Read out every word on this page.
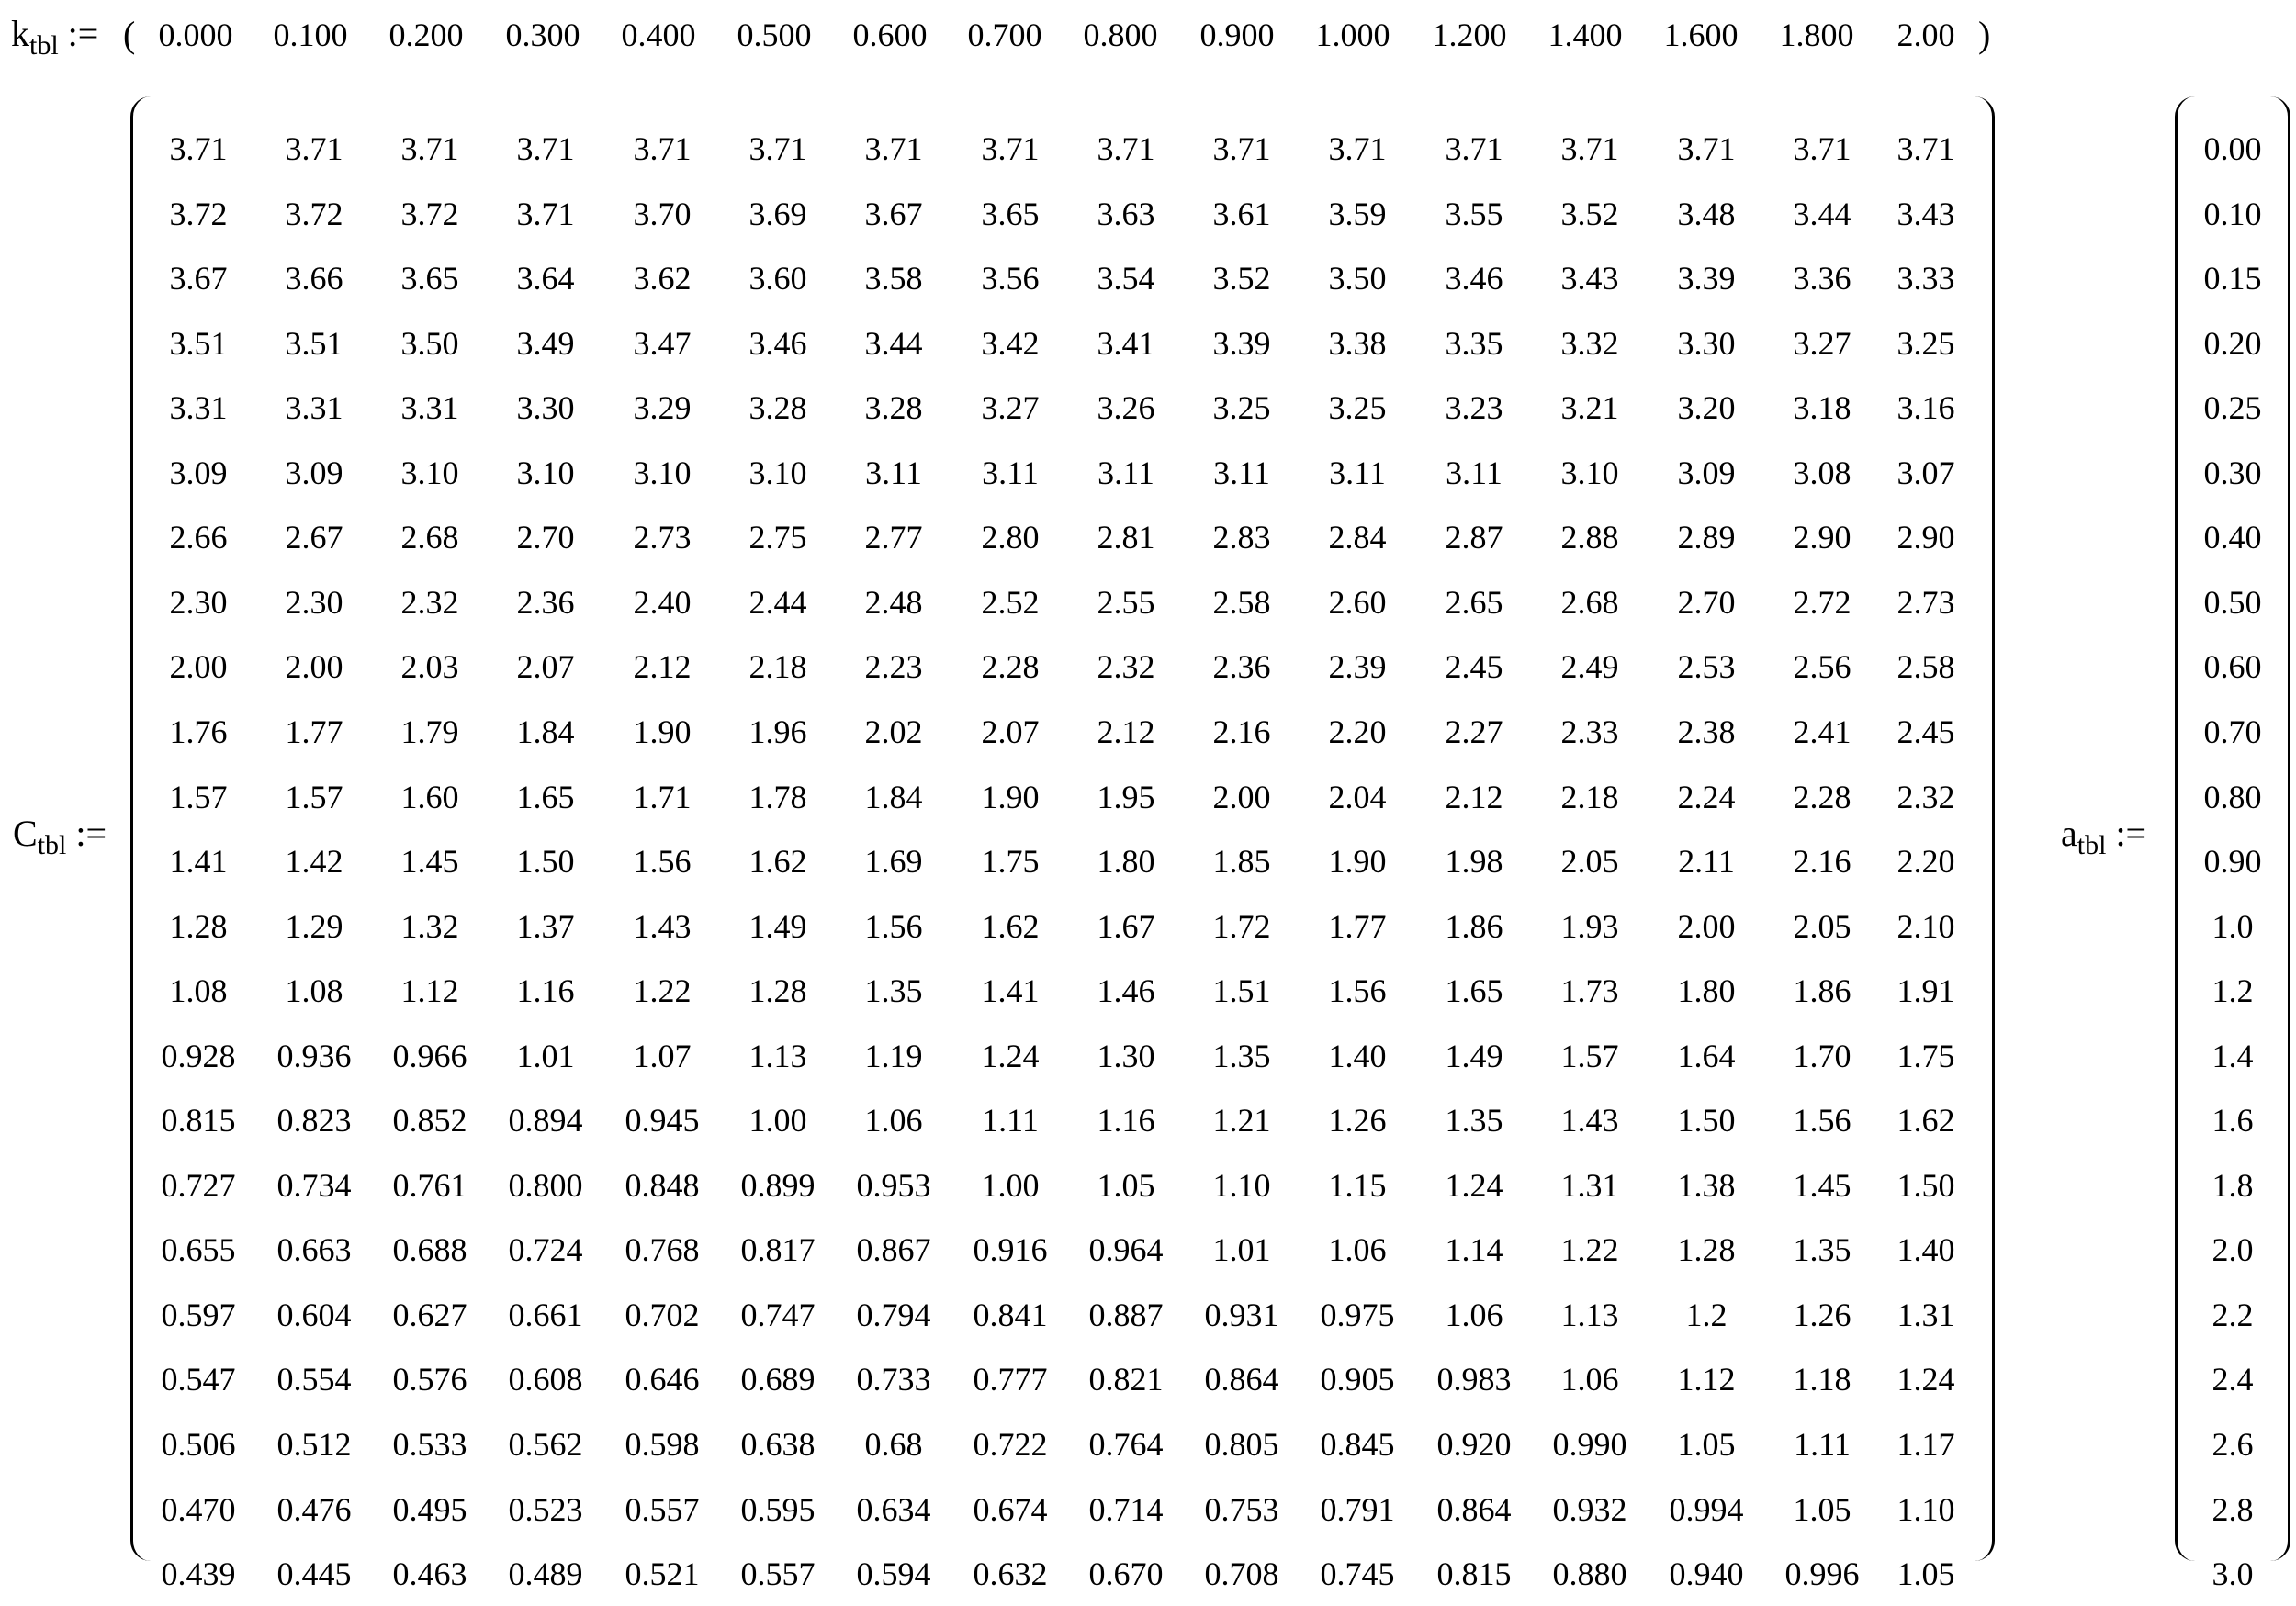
$k_{tbl}$ := ( 0.000	0.100	0.200	0.300	0.400	0.500	0.600	0.700	0.800	0.900	1.000	1.200	1.400	1.600	1.800	2.00 )
$C_{tbl}$ :=
3.71	3.71	3.71	3.71	3.71	3.71	3.71	3.71	3.71	3.71	3.71	3.71	3.71	3.71	3.71	3.71
3.72	3.72	3.72	3.71	3.70	3.69	3.67	3.65	3.63	3.61	3.59	3.55	3.52	3.48	3.44	3.43
3.67	3.66	3.65	3.64	3.62	3.60	3.58	3.56	3.54	3.52	3.50	3.46	3.43	3.39	3.36	3.33
3.51	3.51	3.50	3.49	3.47	3.46	3.44	3.42	3.41	3.39	3.38	3.35	3.32	3.30	3.27	3.25
3.31	3.31	3.31	3.30	3.29	3.28	3.28	3.27	3.26	3.25	3.25	3.23	3.21	3.20	3.18	3.16
3.09	3.09	3.10	3.10	3.10	3.10	3.11	3.11	3.11	3.11	3.11	3.11	3.10	3.09	3.08	3.07
2.66	2.67	2.68	2.70	2.73	2.75	2.77	2.80	2.81	2.83	2.84	2.87	2.88	2.89	2.90	2.90
2.30	2.30	2.32	2.36	2.40	2.44	2.48	2.52	2.55	2.58	2.60	2.65	2.68	2.70	2.72	2.73
2.00	2.00	2.03	2.07	2.12	2.18	2.23	2.28	2.32	2.36	2.39	2.45	2.49	2.53	2.56	2.58
1.76	1.77	1.79	1.84	1.90	1.96	2.02	2.07	2.12	2.16	2.20	2.27	2.33	2.38	2.41	2.45
1.57	1.57	1.60	1.65	1.71	1.78	1.84	1.90	1.95	2.00	2.04	2.12	2.18	2.24	2.28	2.32
1.41	1.42	1.45	1.50	1.56	1.62	1.69	1.75	1.80	1.85	1.90	1.98	2.05	2.11	2.16	2.20
1.28	1.29	1.32	1.37	1.43	1.49	1.56	1.62	1.67	1.72	1.77	1.86	1.93	2.00	2.05	2.10
1.08	1.08	1.12	1.16	1.22	1.28	1.35	1.41	1.46	1.51	1.56	1.65	1.73	1.80	1.86	1.91
0.928	0.936	0.966	1.01	1.07	1.13	1.19	1.24	1.30	1.35	1.40	1.49	1.57	1.64	1.70	1.75
0.815	0.823	0.852	0.894	0.945	1.00	1.06	1.11	1.16	1.21	1.26	1.35	1.43	1.50	1.56	1.62
0.727	0.734	0.761	0.800	0.848	0.899	0.953	1.00	1.05	1.10	1.15	1.24	1.31	1.38	1.45	1.50
0.655	0.663	0.688	0.724	0.768	0.817	0.867	0.916	0.964	1.01	1.06	1.14	1.22	1.28	1.35	1.40
0.597	0.604	0.627	0.661	0.702	0.747	0.794	0.841	0.887	0.931	0.975	1.06	1.13	1.2	1.26	1.31
0.547	0.554	0.576	0.608	0.646	0.689	0.733	0.777	0.821	0.864	0.905	0.983	1.06	1.12	1.18	1.24
0.506	0.512	0.533	0.562	0.598	0.638	0.68	0.722	0.764	0.805	0.845	0.920	0.990	1.05	1.11	1.17
0.470	0.476	0.495	0.523	0.557	0.595	0.634	0.674	0.714	0.753	0.791	0.864	0.932	0.994	1.05	1.10
0.439	0.445	0.463	0.489	0.521	0.557	0.594	0.632	0.670	0.708	0.745	0.815	0.880	0.940	0.996	1.05
$a_{tbl}$ :=
0.00
0.10
0.15
0.20
0.25
0.30
0.40
0.50
0.60
0.70
0.80
0.90
1.0
1.2
1.4
1.6
1.8
2.0
2.2
2.4
2.6
2.8
3.0
